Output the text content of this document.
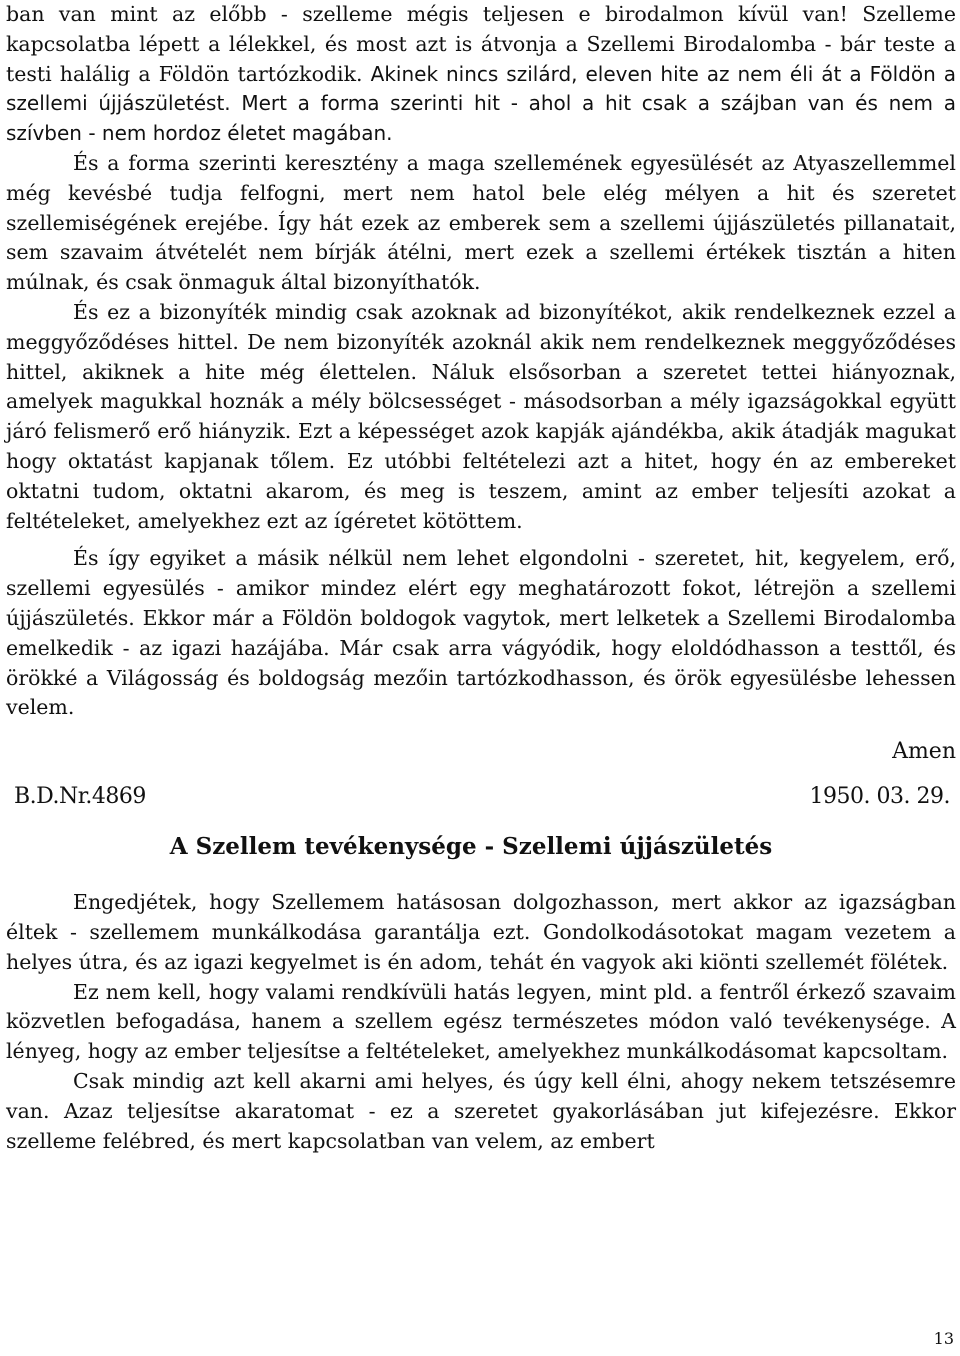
ban van mint az előbb - szelleme mégis teljesen e birodalmon kívül van! Szelleme kapcsolatba lépett a lélekkel, és most azt is átvonja a Szellemi Birodalomba - bár teste a testi halálig a Földön tartózkodik. Akinek nincs szilárd, eleven hite az nem éli át a Földön a szellemi újjászületést. Mert a forma szerinti hit - ahol a hit csak a szájban van és nem a szívben - nem hordoz életet magában.

És a forma szerinti keresztény a maga szellemének egyesülését az Atyaszellemmel még kevésbé tudja felfogni, mert nem hatol bele elég mélyen a hit és szeretet szellemiségének erejébe. Így hát ezek az emberek sem a szellemi újjászületés pillanatait, sem szavaim átvételét nem bírják átélni, mert ezek a szellemi értékek tisztán a hiten múlnak, és csak önmaguk által bizonyíthatók.

És ez a bizonyíték mindig csak azoknak ad bizonyítékot, akik rendelkeznek ezzel a meggyőződéses hittel. De nem bizonyíték azoknál akik nem rendelkeznek meggyőződéses hittel, akiknek a hite még élettelen. Náluk elsősorban a szeretet tettei hiányoznak, amelyek magukkal hoznák a mély bölcsességet - másodsorban a mély igazságokkal együtt járó felismerő erő hiányzik. Ezt a képességet azok kapják ajándékba, akik átadják magukat hogy oktatást kapjanak tőlem. Ez utóbbi feltételezi azt a hitet, hogy én az embereket oktatni tudom, oktatni akarom, és meg is teszem, amint az ember teljesíti azokat a feltételeket, amelyekhez ezt az ígéretet kötöttem.

És így egyiket a másik nélkül nem lehet elgondolni - szeretet, hit, kegyelem, erő, szellemi egyesülés - amikor mindez elért egy meghatározott fokot, létrejön a szellemi újjászületés. Ekkor már a Földön boldogok vagytok, mert lelketek a Szellemi Birodalomba emelkedik - az igazi hazájába. Már csak arra vágyódik, hogy eloldódhasson a testtől, és örökké a Világosság és boldogság mezőin tartózkodhasson, és örök egyesülésbe lehessen velem.

Amen
B.D.Nr.4869	1950. 03. 29.
A Szellem tevékenysége - Szellemi újjászületés

Engedjétek, hogy Szellemem hatásosan dolgozhasson, mert akkor az igazságban éltek - szellemem munkálkodása garantálja ezt. Gondolkodásotokat magam vezetem a helyes útra, és az igazi kegyelmet is én adom, tehát én vagyok aki kiönti szellemét fölétek.

Ez nem kell, hogy valami rendkívüli hatás legyen, mint pld. a fentről érkező szavaim közvetlen befogadása, hanem a szellem egész természetes módon való tevékenysége. A lényeg, hogy az ember teljesítse a feltételeket, amelyekhez munkálkodásomat kapcsoltam.

Csak mindig azt kell akarni ami helyes, és úgy kell élni, ahogy nekem tetszésemre van. Azaz teljesítse akaratomat - ez a szeretet gyakorlásában jut kifejezésre. Ekkor szelleme felébred, és mert kapcsolatban van velem, az embert

13
